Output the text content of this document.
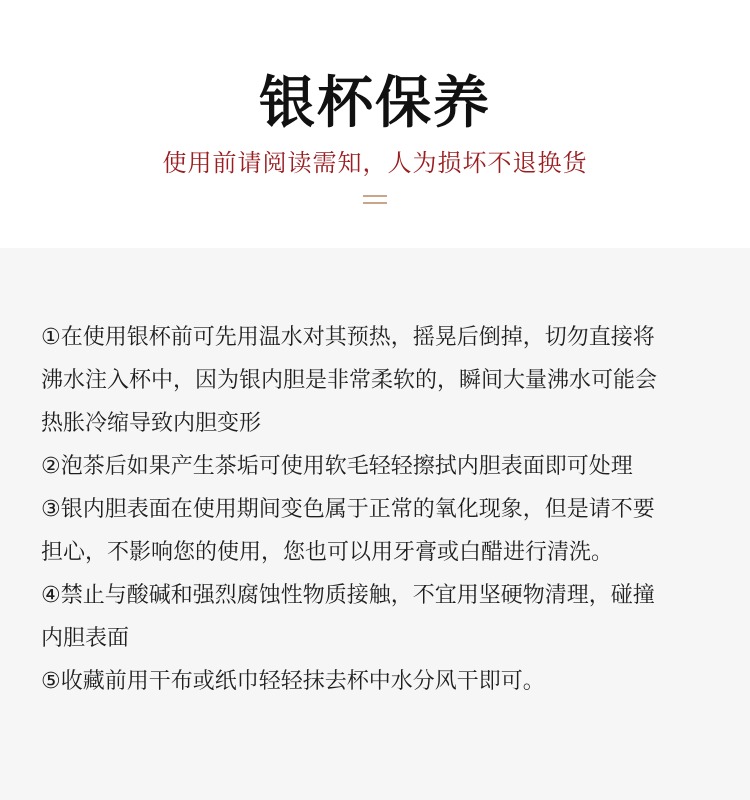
银杯保养
使用前请阅读需知，人为损坏不退换货
①在使用银杯前可先用温水对其预热，摇晃后倒掉，切勿直接将
沸水注入杯中，因为银内胆是非常柔软的，瞬间大量沸水可能会
热胀冷缩导致内胆变形
②泡茶后如果产生茶垢可使用软毛轻轻擦拭内胆表面即可处理
③银内胆表面在使用期间变色属于正常的氧化现象，但是请不要
担心，不影响您的使用，您也可以用牙膏或白醋进行清洗。
④禁止与酸碱和强烈腐蚀性物质接触，不宜用坚硬物清理，碰撞
内胆表面
⑤收藏前用干布或纸巾轻轻抹去杯中水分风干即可。
